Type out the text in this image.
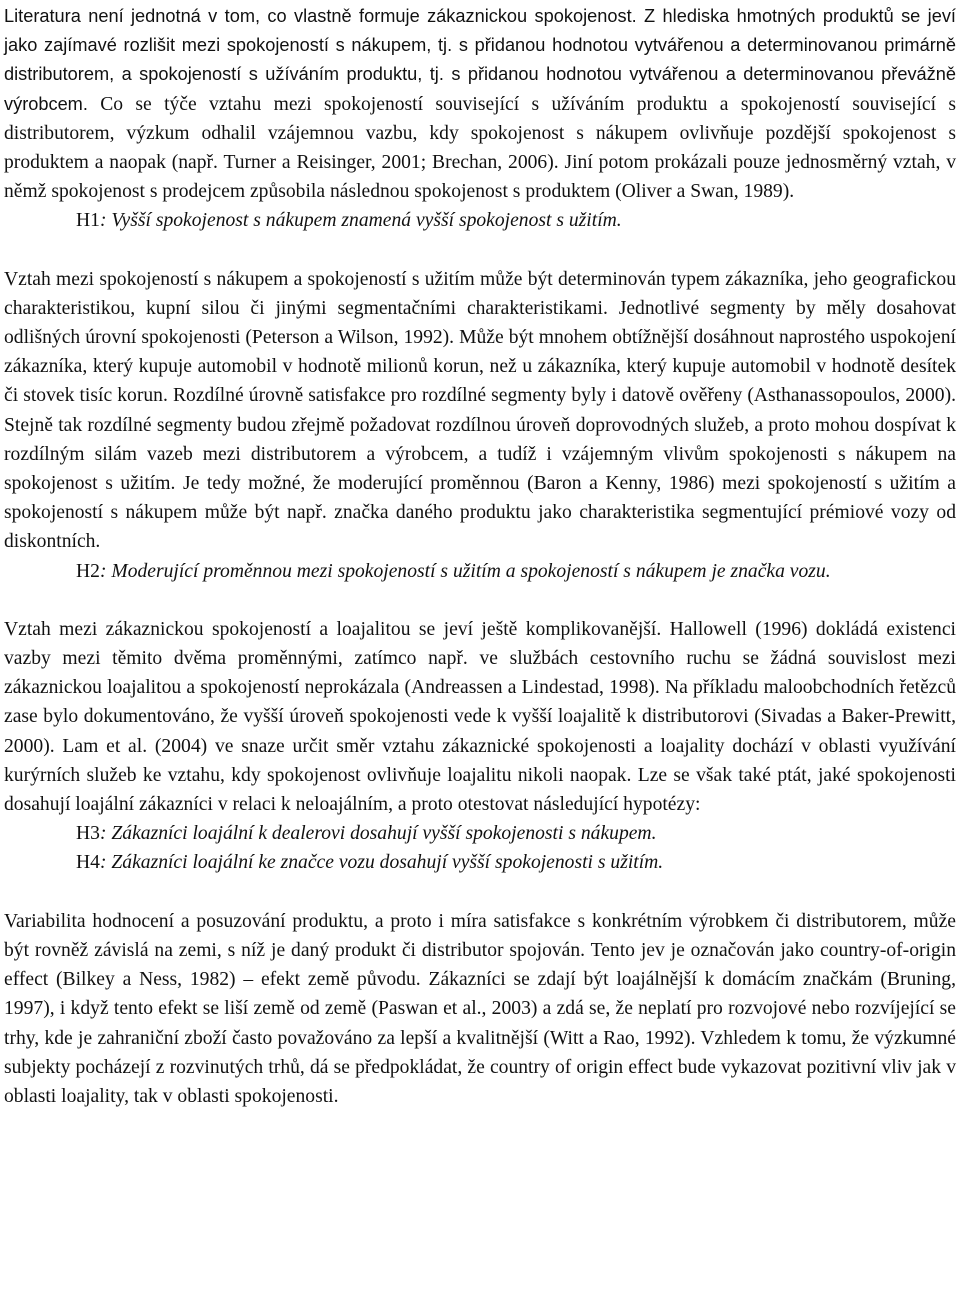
Literatura není jednotná v tom, co vlastně formuje zákaznickou spokojenost. Z hlediska hmotných produktů se jeví jako zajímavé rozlišit mezi spokojeností s nákupem, tj. s přidanou hodnotou vytvářenou a determinovanou primárně distributorem, a spokojeností s užíváním produktu, tj. s přidanou hodnotou vytvářenou a determinovanou převážně výrobcem. Co se týče vztahu mezi spokojeností související s užíváním produktu a spokojeností související s distributorem, výzkum odhalil vzájemnou vazbu, kdy spokojenost s nákupem ovlivňuje pozdější spokojenost s produktem a naopak (např. Turner a Reisinger, 2001; Brechan, 2006). Jiní potom prokázali pouze jednosměrný vztah, v němž spokojenost s prodejcem způsobila následnou spokojenost s produktem (Oliver a Swan, 1989).

H1: Vyšší spokojenost s nákupem znamená vyšší spokojenost s užitím.

Vztah mezi spokojeností s nákupem a spokojeností s užitím může být determinován typem zákazníka, jeho geografickou charakteristikou, kupní silou či jinými segmentačními charakteristikami. Jednotlivé segmenty by měly dosahovat odlišných úrovní spokojenosti (Peterson a Wilson, 1992). Může být mnohem obtížnější dosáhnout naprostého uspokojení zákazníka, který kupuje automobil v hodnotě milionů korun, než u zákazníka, který kupuje automobil v hodnotě desítek či stovek tisíc korun. Rozdílné úrovně satisfakce pro rozdílné segmenty byly i datově ověřeny (Asthanassopoulos, 2000). Stejně tak rozdílné segmenty budou zřejmě požadovat rozdílnou úroveň doprovodných služeb, a proto mohou dospívat k rozdílným silám vazeb mezi distributorem a výrobcem, a tudíž i vzájemným vlivům spokojenosti s nákupem na spokojenost s užitím. Je tedy možné, že moderující proměnnou (Baron a Kenny, 1986) mezi spokojeností s užitím a spokojeností s nákupem může být např. značka daného produktu jako charakteristika segmentující prémiové vozy od diskontních.

H2: Moderující proměnnou mezi spokojeností s užitím a spokojeností s nákupem je značka vozu.

Vztah mezi zákaznickou spokojeností a loajalitou se jeví ještě komplikovanější. Hallowell (1996) dokládá existenci vazby mezi těmito dvěma proměnnými, zatímco např. ve službách cestovního ruchu se žádná souvislost mezi zákaznickou loajalitou a spokojeností neprokázala (Andreassen a Lindestad, 1998). Na příkladu maloobchodních řetězců zase bylo dokumentováno, že vyšší úroveň spokojenosti vede k vyšší loajalitě k distributorovi (Sivadas a Baker-Prewitt, 2000). Lam et al. (2004) ve snaze určit směr vztahu zákaznické spokojenosti a loajality dochází v oblasti využívání kurýrních služeb ke vztahu, kdy spokojenost ovlivňuje loajalitu nikoli naopak. Lze se však také ptát, jaké spokojenosti dosahují loajální zákazníci v relaci k neloajálním, a proto otestovat následující hypotézy:

H3: Zákazníci loajální k dealerovi dosahují vyšší spokojenosti s nákupem.

H4: Zákazníci loajální ke značce vozu dosahují vyšší spokojenosti s užitím.

Variabilita hodnocení a posuzování produktu, a proto i míra satisfakce s konkrétním výrobkem či distributorem, může být rovněž závislá na zemi, s níž je daný produkt či distributor spojován. Tento jev je označován jako country-of-origin effect (Bilkey a Ness, 1982) – efekt země původu. Zákazníci se zdají být loajálnější k domácím značkám (Bruning, 1997), i když tento efekt se liší země od země (Paswan et al., 2003) a zdá se, že neplatí pro rozvojové nebo rozvíjející se trhy, kde je zahraniční zboží často považováno za lepší a kvalitnější (Witt a Rao, 1992). Vzhledem k tomu, že výzkumné subjekty pocházejí z rozvinutých trhů, dá se předpokládat, že country of origin effect bude vykazovat pozitivní vliv jak v oblasti loajality, tak v oblasti spokojenosti.
